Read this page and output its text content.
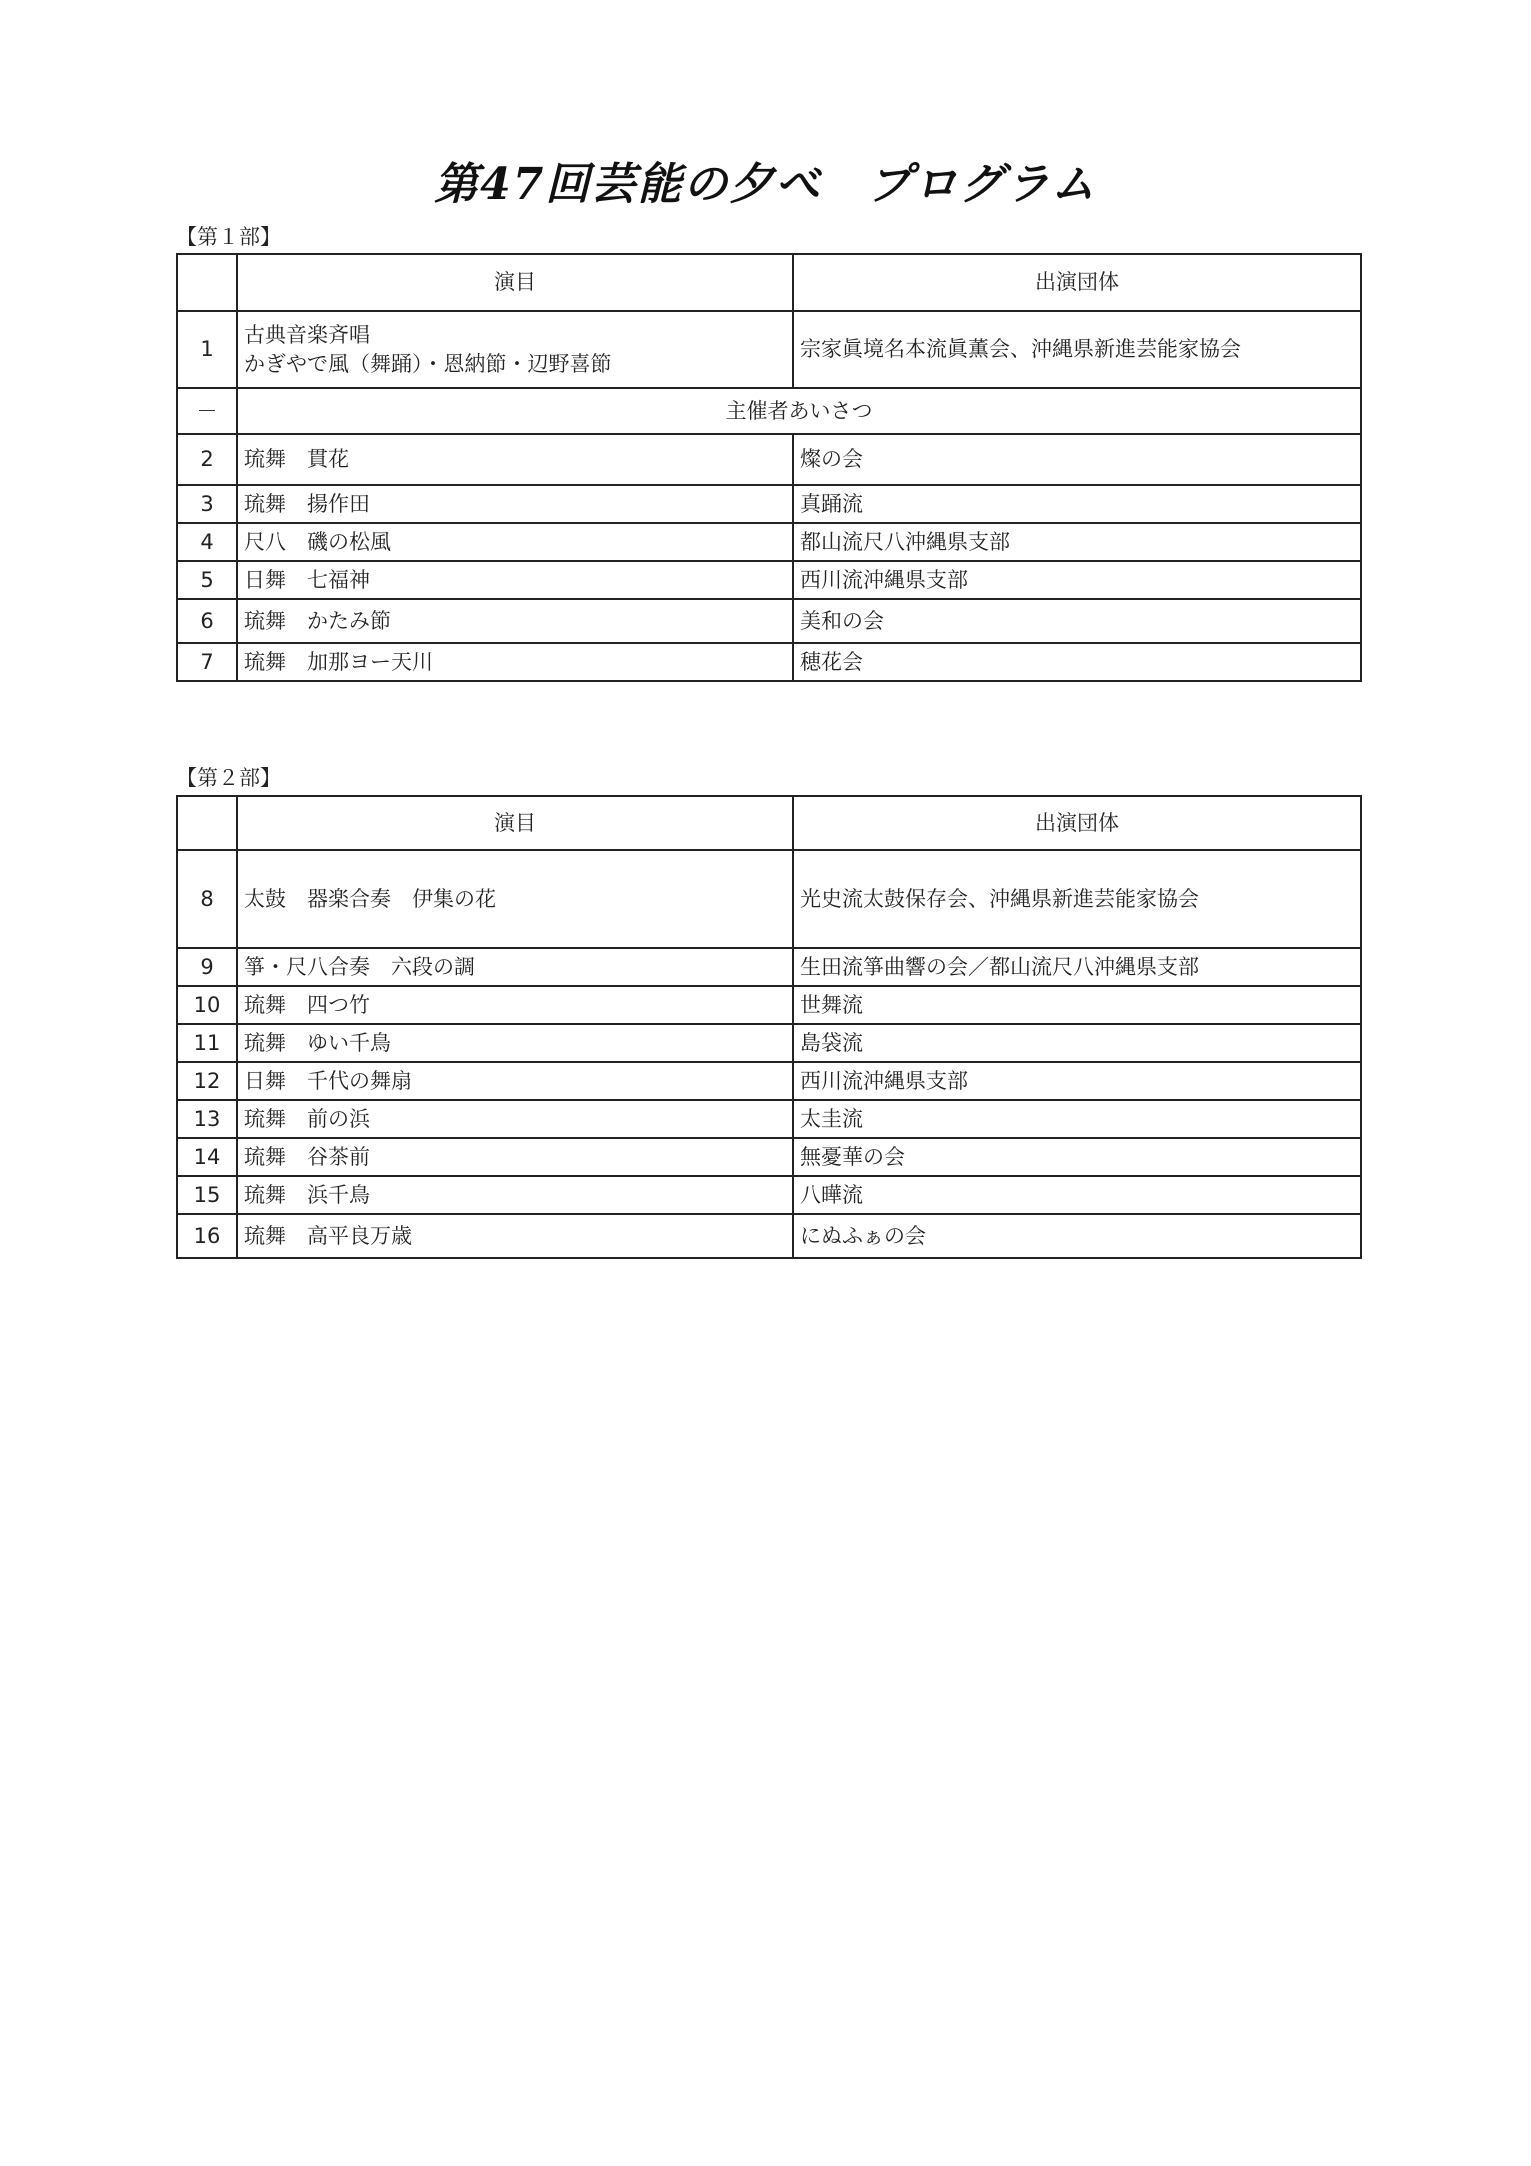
第47回芸能の夕べ　プログラム
【第１部】
	演目	出演団体
1	古典音楽斉唱
かぎやで風（舞踊）・恩納節・辺野喜節	宗家眞境名本流眞薫会、沖縄県新進芸能家協会
－	主催者あいさつ	
2	琉舞　貫花	燦の会
3	琉舞　揚作田	真踊流
4	尺八　磯の松風	都山流尺八沖縄県支部
5	日舞　七福神	西川流沖縄県支部
6	琉舞　かたみ節	美和の会
7	琉舞　加那ヨー天川	穂花会
【第２部】
	演目	出演団体
8	太鼓　器楽合奏　伊集の花	光史流太鼓保存会、沖縄県新進芸能家協会
9	箏・尺八合奏　六段の調	生田流箏曲響の会／都山流尺八沖縄県支部
10	琉舞　四つ竹	世舞流
11	琉舞　ゆい千鳥	島袋流
12	日舞　千代の舞扇	西川流沖縄県支部
13	琉舞　前の浜	太圭流
14	琉舞　谷茶前	無憂華の会
15	琉舞　浜千鳥	八曄流
16	琉舞　高平良万歳	にぬふぁの会
